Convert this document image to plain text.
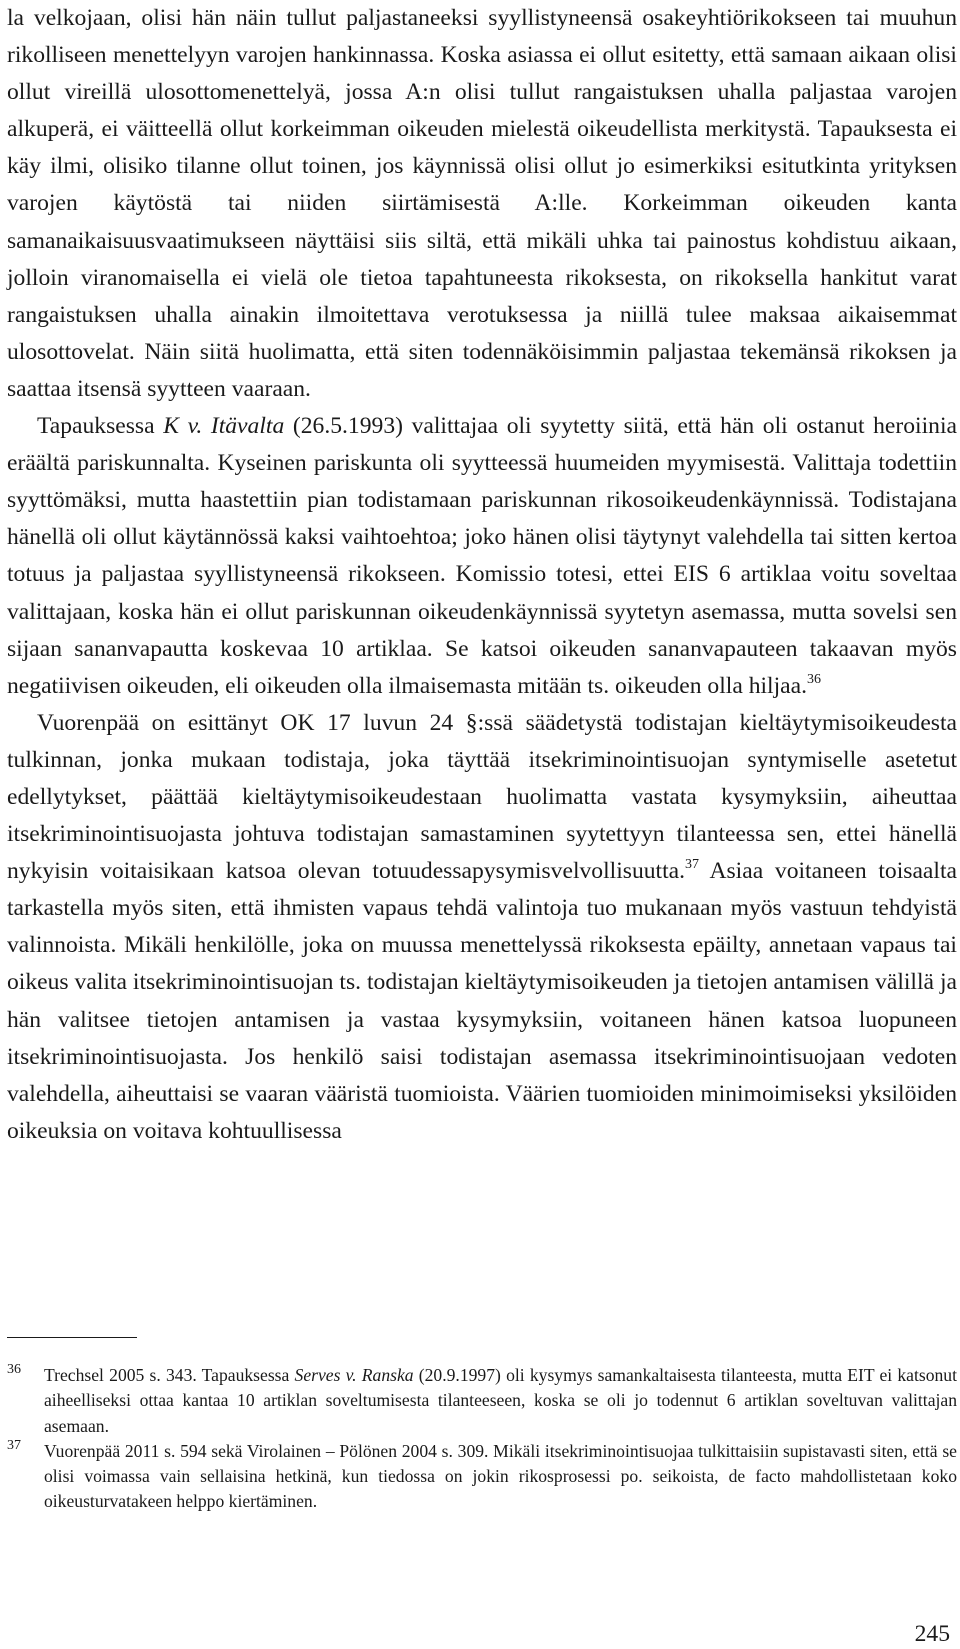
la velkojaan, olisi hän näin tullut paljastaneeksi syyllistyneensä osakeyhtiörikokseen tai muuhun rikolliseen menettelyyn varojen hankinnassa. Koska asiassa ei ollut esitetty, että samaan aikaan olisi ollut vireillä ulosottomenettelyä, jossa A:n olisi tullut rangaistuksen uhalla paljastaa varojen alkuperä, ei väitteellä ollut korkeimman oikeuden mielestä oikeudellista merkitystä. Tapauksesta ei käy ilmi, olisiko tilanne ollut toinen, jos käynnissä olisi ollut jo esimerkiksi esitutkinta yrityksen varojen käytöstä tai niiden siirtämisestä A:lle. Korkeimman oikeuden kanta samanaikaisuusvaatimukseen näyttäisi siis siltä, että mikäli uhka tai painostus kohdistuu aikaan, jolloin viranomaisella ei vielä ole tietoa tapahtuneesta rikoksesta, on rikoksella hankitut varat rangaistuksen uhalla ainakin ilmoitettava verotuksessa ja niillä tulee maksaa aikaisemmat ulosottovelat. Näin siitä huolimatta, että siten todennäköisimmin paljastaa tekemänsä rikoksen ja saattaa itsensä syytteen vaaraan.

Tapauksessa K v. Itävalta (26.5.1993) valittajaa oli syytetty siitä, että hän oli ostanut heroiinia eräältä pariskunnalta. Kyseinen pariskunta oli syytteessä huumeiden myymisestä. Valittaja todettiin syyttömäksi, mutta haastettiin pian todistamaan pariskunnan rikosoikeudenkäynnissä. Todistajana hänellä oli ollut käytännössä kaksi vaihtoehtoa; joko hänen olisi täytynyt valehdella tai sitten kertoa totuus ja paljastaa syyllistyneensä rikokseen. Komissio totesi, ettei EIS 6 artiklaa voitu soveltaa valittajaan, koska hän ei ollut pariskunnan oikeudenkäynnissä syytetyn asemassa, mutta sovelsi sen sijaan sananvapautta koskevaa 10 artiklaa. Se katsoi oikeuden sananvapauteen takaavan myös negatiivisen oikeuden, eli oikeuden olla ilmaisemasta mitään ts. oikeuden olla hiljaa.$^{36}$

Vuorenpää on esittänyt OK 17 luvun 24 §:ssä säädetystä todistajan kieltäytymisoikeudesta tulkinnan, jonka mukaan todistaja, joka täyttää itsekriminointisuojan syntymiselle asetetut edellytykset, päättää kieltäytymisoikeudestaan huolimatta vastata kysymyksiin, aiheuttaa itsekriminointisuojasta johtuva todistajan samastaminen syytettyyn tilanteessa sen, ettei hänellä nykyisin voitaisikaan katsoa olevan totuudessapysymisvelvollisuutta.$^{37}$ Asiaa voitaneen toisaalta tarkastella myös siten, että ihmisten vapaus tehdä valintoja tuo mukanaan myös vastuun tehdyistä valinnoista. Mikäli henkilölle, joka on muussa menettelyssä rikoksesta epäilty, annetaan vapaus tai oikeus valita itsekriminointisuojan ts. todistajan kieltäytymisoikeuden ja tietojen antamisen välillä ja hän valitsee tietojen antamisen ja vastaa kysymyksiin, voitaneen hänen katsoa luopuneen itsekriminointisuojasta. Jos henkilö saisi todistajan asemassa itsekriminointisuojaan vedoten valehdella, aiheuttaisi se vaaran vääristä tuomioista. Väärien tuomioiden minimoimiseksi yksilöiden oikeuksia on voitava kohtuullisessa

36 Trechsel 2005 s. 343. Tapauksessa Serves v. Ranska (20.9.1997) oli kysymys samankaltaisesta tilanteesta, mutta EIT ei katsonut aiheelliseksi ottaa kantaa 10 artiklan soveltumisesta tilanteeseen, koska se oli jo todennut 6 artiklan soveltuvan valittajan asemaan.
37 Vuorenpää 2011 s. 594 sekä Virolainen – Pölönen 2004 s. 309. Mikäli itsekriminointisuojaa tulkittaisiin supistavasti siten, että se olisi voimassa vain sellaisina hetkinä, kun tiedossa on jokin rikosprosessi po. seikoista, de facto mahdollistetaan koko oikeusturvatakeen helppo kiertäminen.
245
